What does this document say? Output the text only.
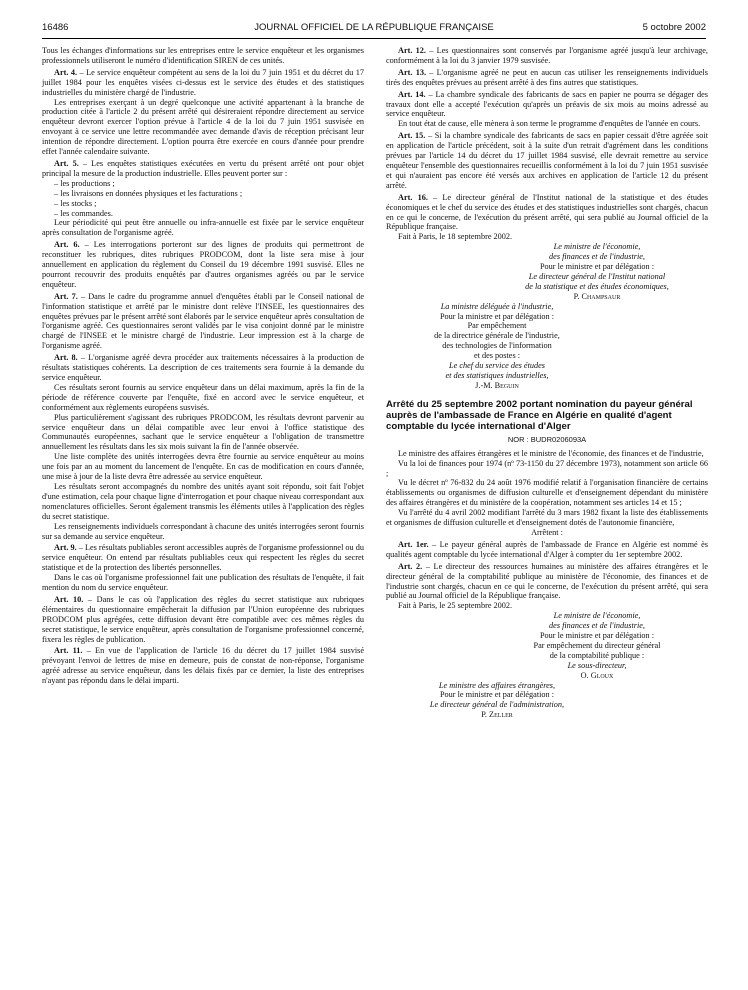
16486	JOURNAL OFFICIEL DE LA RÉPUBLIQUE FRANÇAISE	5 octobre 2002

Tous les échanges d'informations sur les entreprises entre le service enquêteur et les organismes professionnels utiliseront le numéro d'identification SIREN de ces unités.

Art. 4. – Le service enquêteur compétent au sens de la loi du 7 juin 1951 et du décret du 17 juillet 1984 pour les enquêtes visées ci-dessus est le service des études et des statistiques industrielles du ministère chargé de l'industrie.

Les entreprises exerçant à un degré quelconque une activité appartenant à la branche de production citée à l'article 2 du présent arrêté qui désireraient répondre directement au service enquêteur devront exercer l'option prévue à l'article 4 de la loi du 7 juin 1951 susvisée en envoyant à ce service une lettre recommandée avec demande d'avis de réception précisant leur intention de répondre directement. L'option pourra être exercée en cours d'année pour prendre effet l'année calendaire suivante.

Art. 5. – Les enquêtes statistiques exécutées en vertu du présent arrêté ont pour objet principal la mesure de la production industrielle. Elles peuvent porter sur :

– les productions ;
– les livraisons en données physiques et les facturations ;
– les stocks ;
– les commandes.

Leur périodicité qui peut être annuelle ou infra-annuelle est fixée par le service enquêteur après consultation de l'organisme agréé.

Art. 6. – Les interrogations porteront sur des lignes de produits qui permettront de reconstituer les rubriques, dites rubriques PRODCOM, dont la liste sera mise à jour annuellement en application du règlement du Conseil du 19 décembre 1991 susvisé. Elles ne pourront recouvrir des produits enquêtés par d'autres organismes agréés ou par le service enquêteur.

Art. 7. – Dans le cadre du programme annuel d'enquêtes établi par le Conseil national de l'information statistique et arrêté par le ministre dont relève l'INSEE, les questionnaires des enquêtes prévues par le présent arrêté sont élaborés par le service enquêteur après consultation de l'organisme agréé. Ces questionnaires seront validés par le visa conjoint donné par le ministre chargé de l'INSEE et le ministre chargé de l'industrie. Leur impression est à la charge de l'organisme agréé.

Art. 8. – L'organisme agréé devra procéder aux traitements nécessaires à la production de résultats statistiques cohérents. La description de ces traitements sera fournie à la demande du service enquêteur.

Ces résultats seront fournis au service enquêteur dans un délai maximum, après la fin de la période de référence couverte par l'enquête, fixé en accord avec le service enquêteur, et conformément aux règlements européens susvisés.

Plus particulièrement s'agissant des rubriques PRODCOM, les résultats devront parvenir au service enquêteur dans un délai compatible avec leur envoi à l'office statistique des Communautés européennes, sachant que le service enquêteur a l'obligation de transmettre annuellement les résultats dans les six mois suivant la fin de l'année observée.

Une liste complète des unités interrogées devra être fournie au service enquêteur au moins une fois par an au moment du lancement de l'enquête. En cas de modification en cours d'année, une mise à jour de la liste devra être adressée au service enquêteur.

Les résultats seront accompagnés du nombre des unités ayant soit répondu, soit fait l'objet d'une estimation, cela pour chaque ligne d'interrogation et pour chaque niveau correspondant aux nomenclatures officielles. Seront également transmis les éléments utiles à l'application des règles du secret statistique.

Les renseignements individuels correspondant à chacune des unités interrogées seront fournis sur sa demande au service enquêteur.

Art. 9. – Les résultats publiables seront accessibles auprès de l'organisme professionnel ou du service enquêteur. On entend par résultats publiables ceux qui respectent les règles du secret statistique et de la protection des libertés personnelles.

Dans le cas où l'organisme professionnel fait une publication des résultats de l'enquête, il fait mention du nom du service enquêteur.

Art. 10. – Dans le cas où l'application des règles du secret statistique aux rubriques élémentaires du questionnaire empêcherait la diffusion par l'Union européenne des rubriques PRODCOM plus agrégées, cette diffusion devant être compatible avec ces mêmes règles du secret statistique, le service enquêteur, après consultation de l'organisme professionnel concerné, fixera les règles de publication.

Art. 11. – En vue de l'application de l'article 16 du décret du 17 juillet 1984 susvisé prévoyant l'envoi de lettres de mise en demeure, puis de constat de non-réponse, l'organisme agréé adresse au service enquêteur, dans les délais fixés par ce dernier, la liste des entreprises n'ayant pas répondu dans le délai imparti.

Art. 12. – Les questionnaires sont conservés par l'organisme agréé jusqu'à leur archivage, conformément à la loi du 3 janvier 1979 susvisée.

Art. 13. – L'organisme agréé ne peut en aucun cas utiliser les renseignements individuels tirés des enquêtes prévues au présent arrêté à des fins autres que statistiques.

Art. 14. – La chambre syndicale des fabricants de sacs en papier ne pourra se dégager des travaux dont elle a accepté l'exécution qu'après un préavis de six mois au moins adressé au service enquêteur.

En tout état de cause, elle mènera à son terme le programme d'enquêtes de l'année en cours.

Art. 15. – Si la chambre syndicale des fabricants de sacs en papier cessait d'être agréée soit en application de l'article précédent, soit à la suite d'un retrait d'agrément dans les conditions prévues par l'article 14 du décret du 17 juillet 1984 susvisé, elle devrait remettre au service enquêteur l'ensemble des questionnaires recueillis conformément à la loi du 7 juin 1951 susvisée et qui n'auraient pas encore été versés aux archives en application de l'article 12 du présent arrêté.

Art. 16. – Le directeur général de l'Institut national de la statistique et des études économiques et le chef du service des études et des statistiques industrielles sont chargés, chacun en ce qui le concerne, de l'exécution du présent arrêté, qui sera publié au Journal officiel de la République française.

Fait à Paris, le 18 septembre 2002.

Le ministre de l'économie,
des finances et de l'industrie,
Pour le ministre et par délégation :
Le directeur général de l'Institut national
de la statistique et des études économiques,
P. Champsaur
La ministre déléguée à l'industrie,
Pour la ministre et par délégation :
Par empêchement
de la directrice générale de l'industrie,
des technologies de l'information
et des postes :
Le chef du service des études
et des statistiques industrielles,
J.-M. Beguin
Arrêté du 25 septembre 2002 portant nomination du payeur général auprès de l'ambassade de France en Algérie en qualité d'agent comptable du lycée international d'Alger
NOR : BUDR0206093A

Le ministre des affaires étrangères et le ministre de l'économie, des finances et de l'industrie,

Vu la loi de finances pour 1974 (nº 73-1150 du 27 décembre 1973), notamment son article 66 ;

Vu le décret nº 76-832 du 24 août 1976 modifié relatif à l'organisation financière de certains établissements ou organismes de diffusion culturelle et d'enseignement dépendant du ministère des affaires étrangères et du ministère de la coopération, notamment ses articles 14 et 15 ;

Vu l'arrêté du 4 avril 2002 modifiant l'arrêté du 3 mars 1982 fixant la liste des établissements et organismes de diffusion culturelle et d'enseignement dotés de l'autonomie financière,

Arrêtent :

Art. 1er. – Le payeur général auprès de l'ambassade de France en Algérie est nommé ès qualités agent comptable du lycée international d'Alger à compter du 1er septembre 2002.

Art. 2. – Le directeur des ressources humaines au ministère des affaires étrangères et le directeur général de la comptabilité publique au ministère de l'économie, des finances et de l'industrie sont chargés, chacun en ce qui le concerne, de l'exécution du présent arrêté, qui sera publié au Journal officiel de la République française.

Fait à Paris, le 25 septembre 2002.

Le ministre de l'économie,
des finances et de l'industrie,
Pour le ministre et par délégation :
Par empêchement du directeur général
de la comptabilité publique :
Le sous-directeur,
O. Gloux
Le ministre des affaires étrangères,
Pour le ministre et par délégation :
Le directeur général de l'administration,
P. Zeller
